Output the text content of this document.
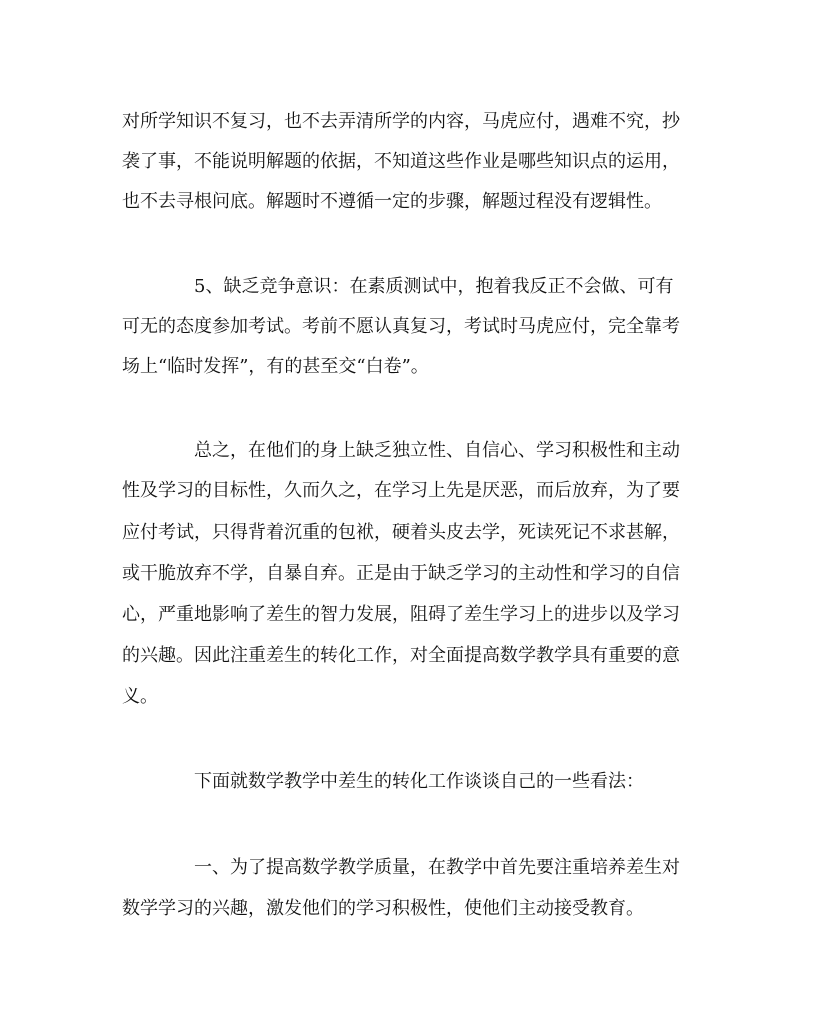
对所学知识不复习，也不去弄清所学的内容，马虎应付，遇难不究，抄

袭了事，不能说明解题的依据，不知道这些作业是哪些知识点的运用，

也不去寻根问底。解题时不遵循一定的步骤，解题过程没有逻辑性。

5、缺乏竞争意识：在素质测试中，抱着我反正不会做、可有

可无的态度参加考试。考前不愿认真复习，考试时马虎应付，完全靠考

场上“临时发挥”，有的甚至交“白卷”。

总之，在他们的身上缺乏独立性、自信心、学习积极性和主动

性及学习的目标性，久而久之，在学习上先是厌恶，而后放弃，为了要

应付考试，只得背着沉重的包袱，硬着头皮去学，死读死记不求甚解，

或干脆放弃不学，自暴自弃。正是由于缺乏学习的主动性和学习的自信

心，严重地影响了差生的智力发展，阻碍了差生学习上的进步以及学习

的兴趣。因此注重差生的转化工作，对全面提高数学教学具有重要的意

义。

下面就数学教学中差生的转化工作谈谈自己的一些看法：

一、为了提高数学教学质量，在教学中首先要注重培养差生对

数学学习的兴趣，激发他们的学习积极性，使他们主动接受教育。
